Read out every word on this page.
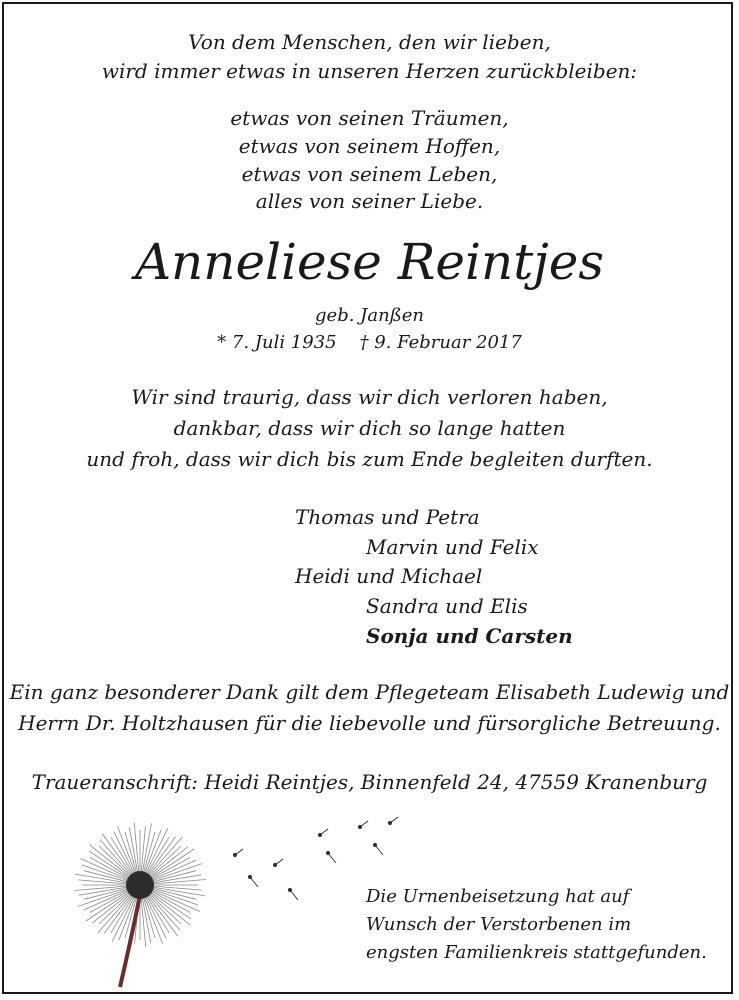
Von dem Menschen, den wir lieben,
wird immer etwas in unseren Herzen zurückbleiben:
etwas von seinen Träumen,
etwas von seinem Hoffen,
etwas von seinem Leben,
alles von seiner Liebe.
Anneliese Reintjes
geb. Janßen
* 7. Juli 1935    † 9. Februar 2017
Wir sind traurig, dass wir dich verloren haben,
dankbar, dass wir dich so lange hatten
und froh, dass wir dich bis zum Ende begleiten durften.
Thomas und Petra
Marvin und Felix
Heidi und Michael
Sandra und Elis
Sonja und Carsten
Ein ganz besonderer Dank gilt dem Pflegeteam Elisabeth Ludewig und
Herrn Dr. Holtzhausen für die liebevolle und fürsorgliche Betreuung.
Traueranschrift: Heidi Reintjes, Binnenfeld 24, 47559 Kranenburg
Die Urnenbeisetzung hat auf
Wunsch der Verstorbenen im
engsten Familienkreis stattgefunden.
